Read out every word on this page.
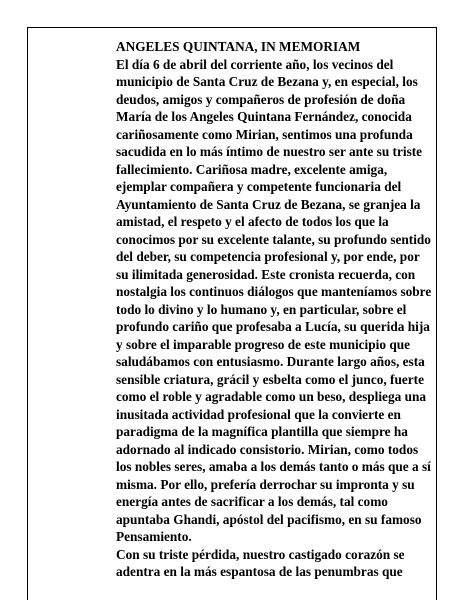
ANGELES QUINTANA, IN MEMORIAM

El día 6 de abril del corriente año, los vecinos del
municipio de Santa Cruz de Bezana y, en especial, los
deudos, amigos y compañeros de profesión de doña
María de los Angeles Quintana Fernández, conocida
cariñosamente como Mirian, sentimos una profunda
sacudida en lo más íntimo de nuestro ser ante su triste
fallecimiento. Cariñosa madre, excelente amiga,
ejemplar compañera y competente funcionaria del
Ayuntamiento de Santa Cruz de Bezana, se granjea la
amistad, el respeto y el afecto de todos los que la
conocimos por su excelente talante, su profundo sentido
del deber, su competencia profesional y, por ende, por
su ilimitada generosidad. Este cronista recuerda, con
nostalgia los continuos diálogos que manteníamos sobre
todo lo divino y lo humano y, en particular, sobre el
profundo cariño que profesaba a Lucía, su querida hija
y sobre el imparable progreso de este municipio que
saludábamos con entusiasmo. Durante largo años, esta
sensible criatura, grácil y esbelta como el junco, fuerte
como el roble y agradable como un beso, despliega una
inusitada actividad profesional que la convierte en
paradigma de la magnífica plantilla que siempre ha
adornado al indicado consistorio. Mirian, como todos
los nobles seres, amaba a los demás tanto o más que a sí
misma. Por ello, prefería derrochar su impronta y su
energía antes de sacrificar a los demás, tal como
apuntaba Ghandi, apóstol del pacifismo, en su famoso
Pensamiento.

Con su triste pérdida, nuestro castigado corazón se
adentra en la más espantosa de las penumbras que
